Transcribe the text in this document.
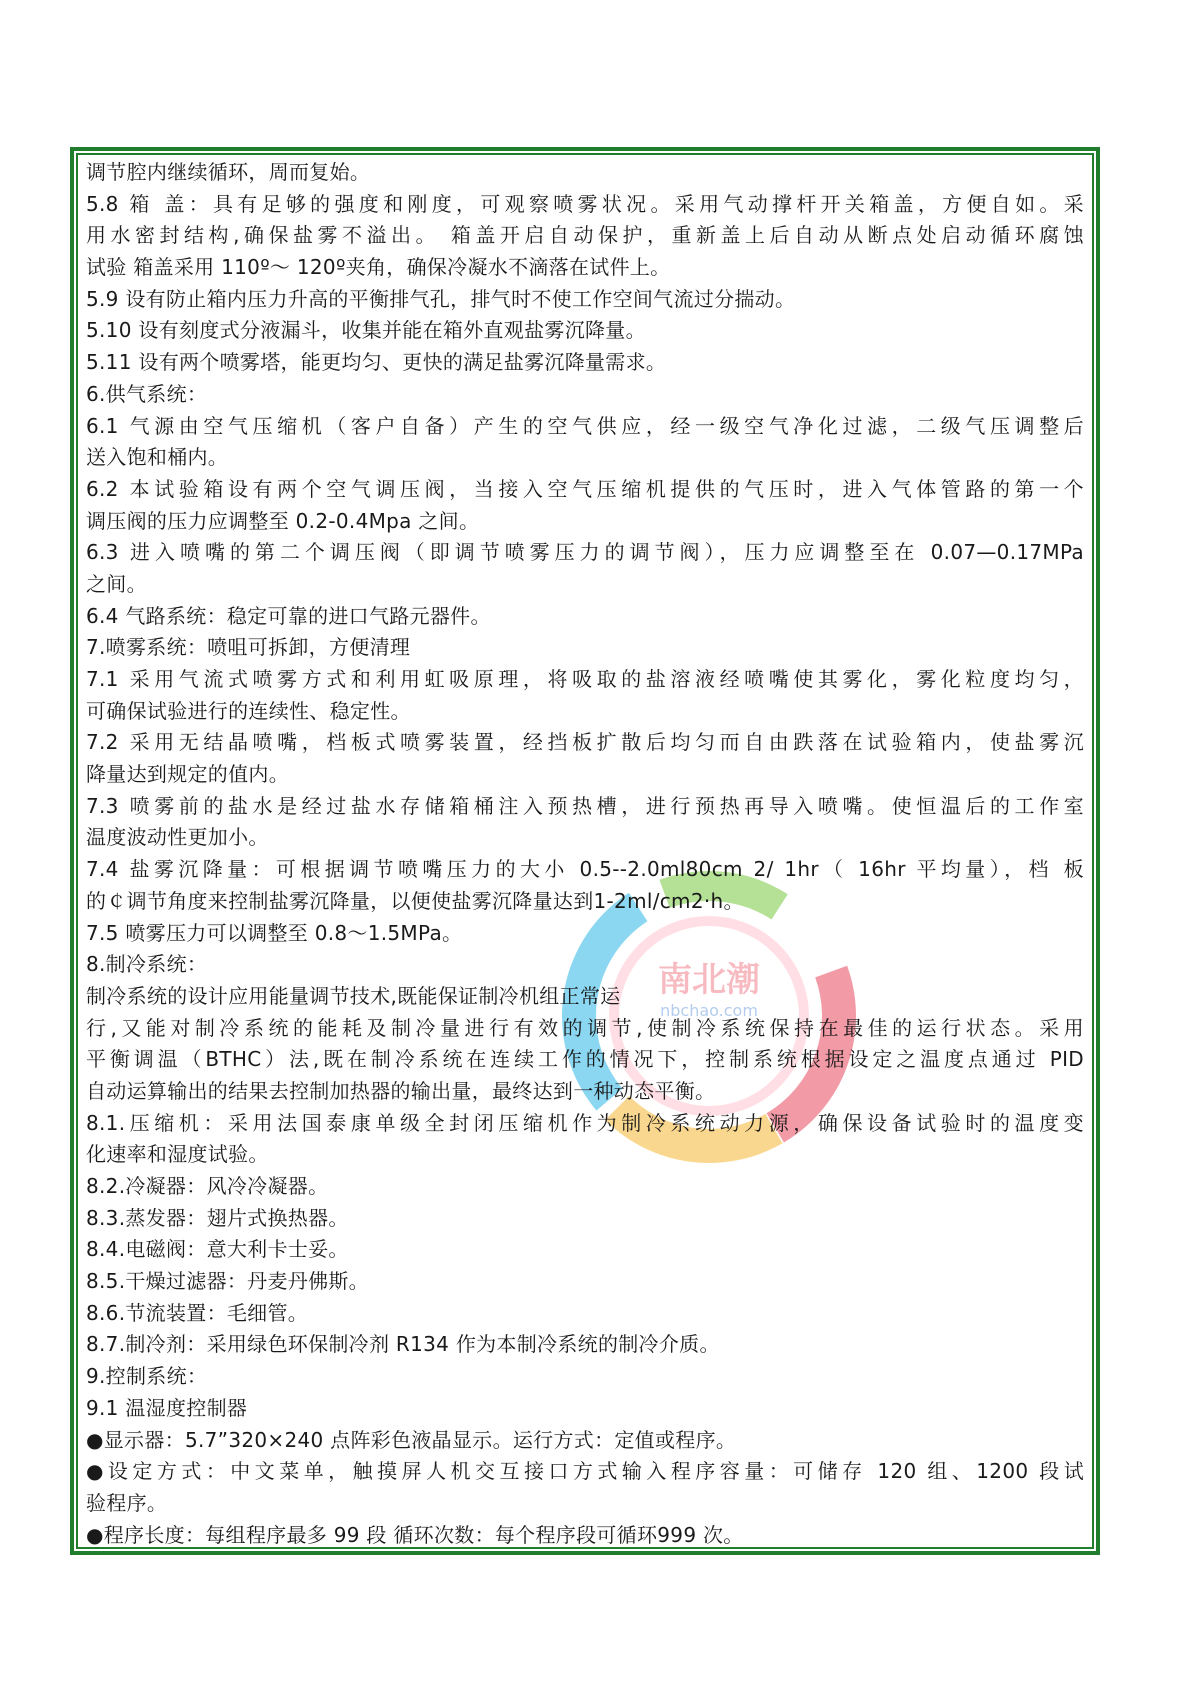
南北潮
nbchao.com
调节腔内继续循环，周而复始。
5.8 箱 盖：具有足够的强度和刚度，可观察喷雾状况。采用气动撑杆开关箱盖，方便自如。采
用水密封结构,确保盐雾不溢出。 箱盖开启自动保护，重新盖上后自动从断点处启动循环腐蚀
试验 箱盖采用 110º～ 120º夹角，确保冷凝水不滴落在试件上。
5.9 设有防止箱内压力升高的平衡排气孔，排气时不使工作空间气流过分揣动。
5.10 设有刻度式分液漏斗，收集并能在箱外直观盐雾沉降量。
5.11 设有两个喷雾塔，能更均匀、更快的满足盐雾沉降量需求。
6.供气系统：
6.1 气源由空气压缩机（客户自备）产生的空气供应，经一级空气净化过滤，二级气压调整后
送入饱和桶内。
6.2 本试验箱设有两个空气调压阀，当接入空气压缩机提供的气压时，进入气体管路的第一个
调压阀的压力应调整至 0.2-0.4Mpa 之间。
6.3 进入喷嘴的第二个调压阀（即调节喷雾压力的调节阀），压力应调整至在 0.07—0.17MPa
之间。
6.4 气路系统：稳定可靠的进口气路元器件。
7.喷雾系统：喷咀可拆卸，方便清理
7.1 采用气流式喷雾方式和利用虹吸原理，将吸取的盐溶液经喷嘴使其雾化，雾化粒度均匀，
可确保试验进行的连续性、稳定性。
7.2 采用无结晶喷嘴，档板式喷雾装置，经挡板扩散后均匀而自由跌落在试验箱内，使盐雾沉
降量达到规定的值内。
7.3 喷雾前的盐水是经过盐水存储箱桶注入预热槽，进行预热再导入喷嘴。使恒温后的工作室
温度波动性更加小。
7.4 盐雾沉降量：可根据调节喷嘴压力的大小 0.5--2.0ml80cm 2/ 1hr（ 16hr 平均量），档 板
的￠调节角度来控制盐雾沉降量，以便使盐雾沉降量达到1-2ml/cm2·h。
7.5 喷雾压力可以调整至 0.8～1.5MPa。
8.制冷系统：
制冷系统的设计应用能量调节技术,既能保证制冷机组正常运
行,又能对制冷系统的能耗及制冷量进行有效的调节,使制冷系统保持在最佳的运行状态。采用
平衡调温（BTHC）法,既在制冷系统在连续工作的情况下，控制系统根据设定之温度点通过 PID
自动运算输出的结果去控制加热器的输出量，最终达到一种动态平衡。
8.1.压缩机：采用法国泰康单级全封闭压缩机作为制冷系统动力源，确保设备试验时的温度变
化速率和湿度试验。
8.2.冷凝器：风冷冷凝器。
8.3.蒸发器：翅片式换热器。
8.4.电磁阀：意大利卡士妥。
8.5.干燥过滤器：丹麦丹佛斯。
8.6.节流装置：毛细管。
8.7.制冷剂：采用绿色环保制冷剂 R134 作为本制冷系统的制冷介质。
9.控制系统：
9.1 温湿度控制器
●显示器：5.7”320×240 点阵彩色液晶显示。运行方式：定值或程序。
●设定方式：中文菜单，触摸屏人机交互接口方式输入程序容量：可储存 120 组、1200 段试
验程序。
●程序长度：每组程序最多 99 段 循环次数：每个程序段可循环999 次。
